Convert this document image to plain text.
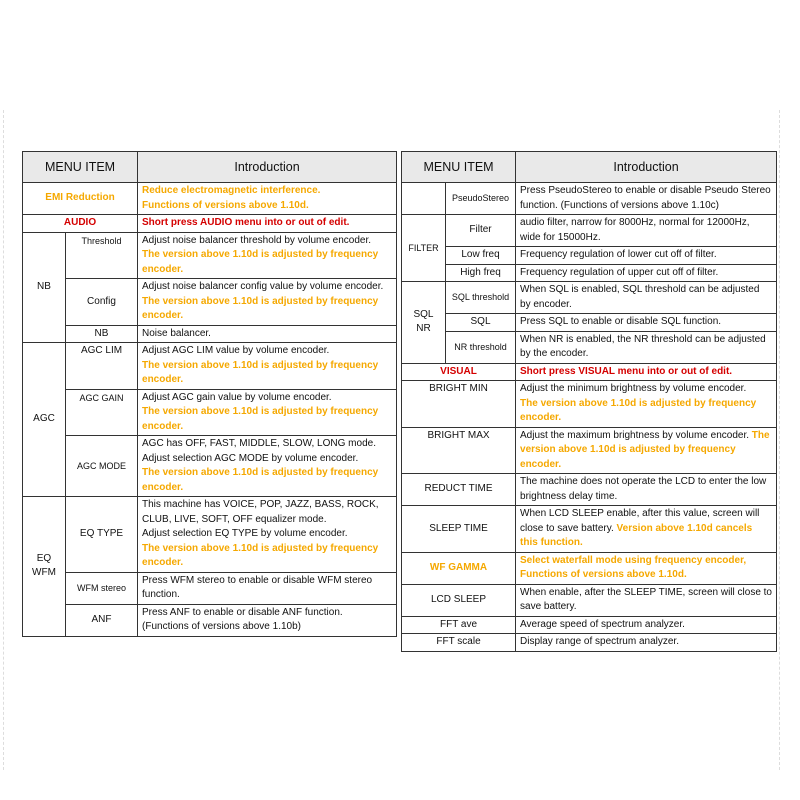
MENU ITEM		Introduction
EMI Reduction		Reduce electromagnetic interference.
Functions of versions above 1.10d.

AUDIO		Short press AUDIO menu into or out of edit.
NB	Threshold	Adjust noise balancer threshold by volume encoder.
The version above 1.10d is adjusted by frequency encoder.

	Config	Adjust noise balancer config value by volume encoder.
The version above 1.10d is adjusted by frequency encoder.

	NB	Noise balancer.
AGC	AGC LIM	Adjust AGC LIM value by volume encoder.
The version above 1.10d is adjusted by frequency encoder.

	AGC GAIN	Adjust AGC gain value by volume encoder.
The version above 1.10d is adjusted by frequency encoder.

	AGC MODE	AGC has OFF, FAST, MIDDLE, SLOW, LONG mode.
Adjust selection AGC MODE by volume encoder.
The version above 1.10d is adjusted by frequency encoder.

EQ
WFM	EQ TYPE	This machine has VOICE, POP, JAZZ, BASS, ROCK, CLUB, LIVE, SOFT, OFF equalizer mode.
Adjust selection EQ TYPE by volume encoder.
The version above 1.10d is adjusted by frequency encoder.

	WFM stereo	Press WFM stereo to enable or disable WFM stereo function.
	ANF	Press ANF to enable or disable ANF function.
(Functions of versions above 1.10b)
MENU ITEM		Introduction
	PseudoStereo	Press PseudoStereo to enable or disable Pseudo Stereo function. (Functions of versions above 1.10c)
FILTER	Filter	audio filter, narrow for 8000Hz, normal for 12000Hz, wide for 15000Hz.
	Low freq	Frequency regulation of lower cut off of filter.
	High freq	Frequency regulation of upper cut off of filter.
SQL
NR	SQL threshold	When SQL is enabled, SQL threshold can be adjusted by encoder.
	SQL	Press SQL to enable or disable SQL function.
	NR threshold	When NR is enabled, the NR threshold can be adjusted by the encoder.
VISUAL		Short press VISUAL menu into or out of edit.
BRIGHT MIN		Adjust the minimum brightness by volume encoder.
The version above 1.10d is adjusted by frequency encoder.

BRIGHT MAX		Adjust the maximum brightness by volume encoder. The version above 1.10d is adjusted by frequency encoder.
REDUCT TIME		The machine does not operate the LCD to enter the low brightness delay time.
SLEEP TIME		When LCD SLEEP enable, after this value, screen will close to save battery. Version above 1.10d cancels this function.
WF GAMMA		Select waterfall mode using frequency encoder,
Functions of versions above 1.10d.

LCD SLEEP		When enable, after the SLEEP TIME, screen will close to save battery.
FFT ave		Average speed of spectrum analyzer.
FFT scale		Display range of spectrum analyzer.
